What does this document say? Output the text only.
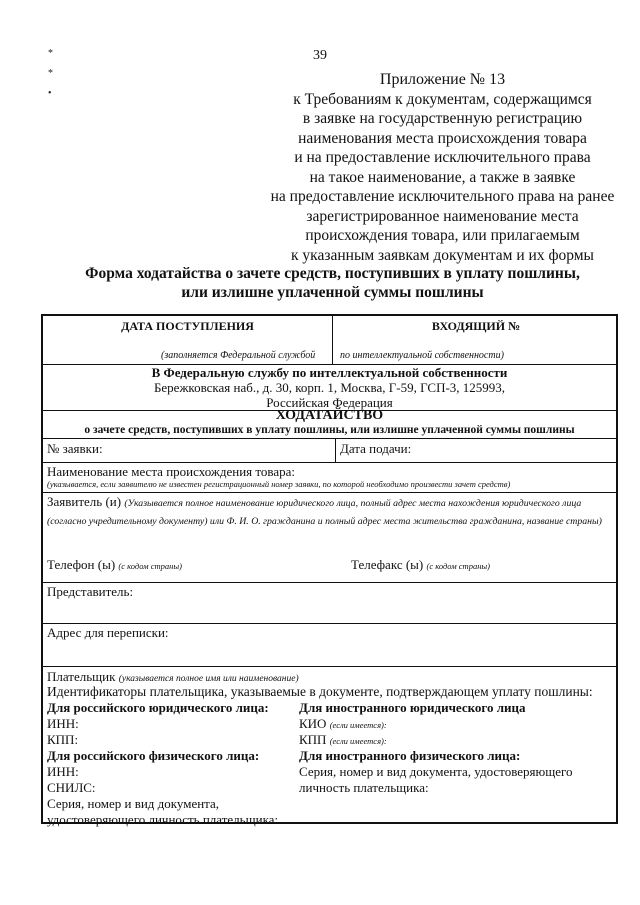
39
*
*
•
Приложение № 13
к Требованиям к документам, содержащимся
в заявке на государственную регистрацию
наименования места происхождения товара
и на предоставление исключительного права
на такое наименование, а также в заявке
на предоставление исключительного права на ранее
зарегистрированное наименование места
происхождения товара, или прилагаемым
к указанным заявкам документам и их формы
Форма ходатайства о зачете средств, поступивших в уплату пошлины,
или излишне уплаченной суммы пошлины
ДАТА ПОСТУПЛЕНИЯ	ВХОДЯЩИЙ №
(заполняется Федеральной службой по интеллектуальной собственности)
В Федеральную службу по интеллектуальной собственности
Бережковская наб., д. 30, корп. 1, Москва, Г-59, ГСП-3, 125993,
Российская Федерация
ХОДАТАЙСТВО
о зачете средств, поступивших в уплату пошлины, или излишне уплаченной суммы пошлины
№ заявки:	Дата подачи:
Наименование места происхождения товара:
(указывается, если заявителю не известен регистрационный номер заявки, по которой необходимо произвести зачет средств)
Заявитель (и) (Указывается полное наименование юридического лица, полный адрес места нахождения юридического лица (согласно учредительному документу) или Ф. И. О. гражданина и полный адрес места жительства гражданина, название страны)
Телефон (ы) (с кодом страны)	Телефакс (ы) (с кодом страны)
Представитель:
Адрес для переписки:
Плательщик (указывается полное имя или наименование)
Идентификаторы плательщика, указываемые в документе, подтверждающем уплату пошлины:
Для российского юридического лица:
ИНН:
КПП:
Для иностранного юридического лица
КИО (если имеется):
КПП (если имеется):
Для российского физического лица:
ИНН:
СНИЛС:
Серия, номер и вид документа,
удостоверяющего личность плательщика:
Для иностранного физического лица:
Серия, номер и вид документа, удостоверяющего
личность плательщика:
